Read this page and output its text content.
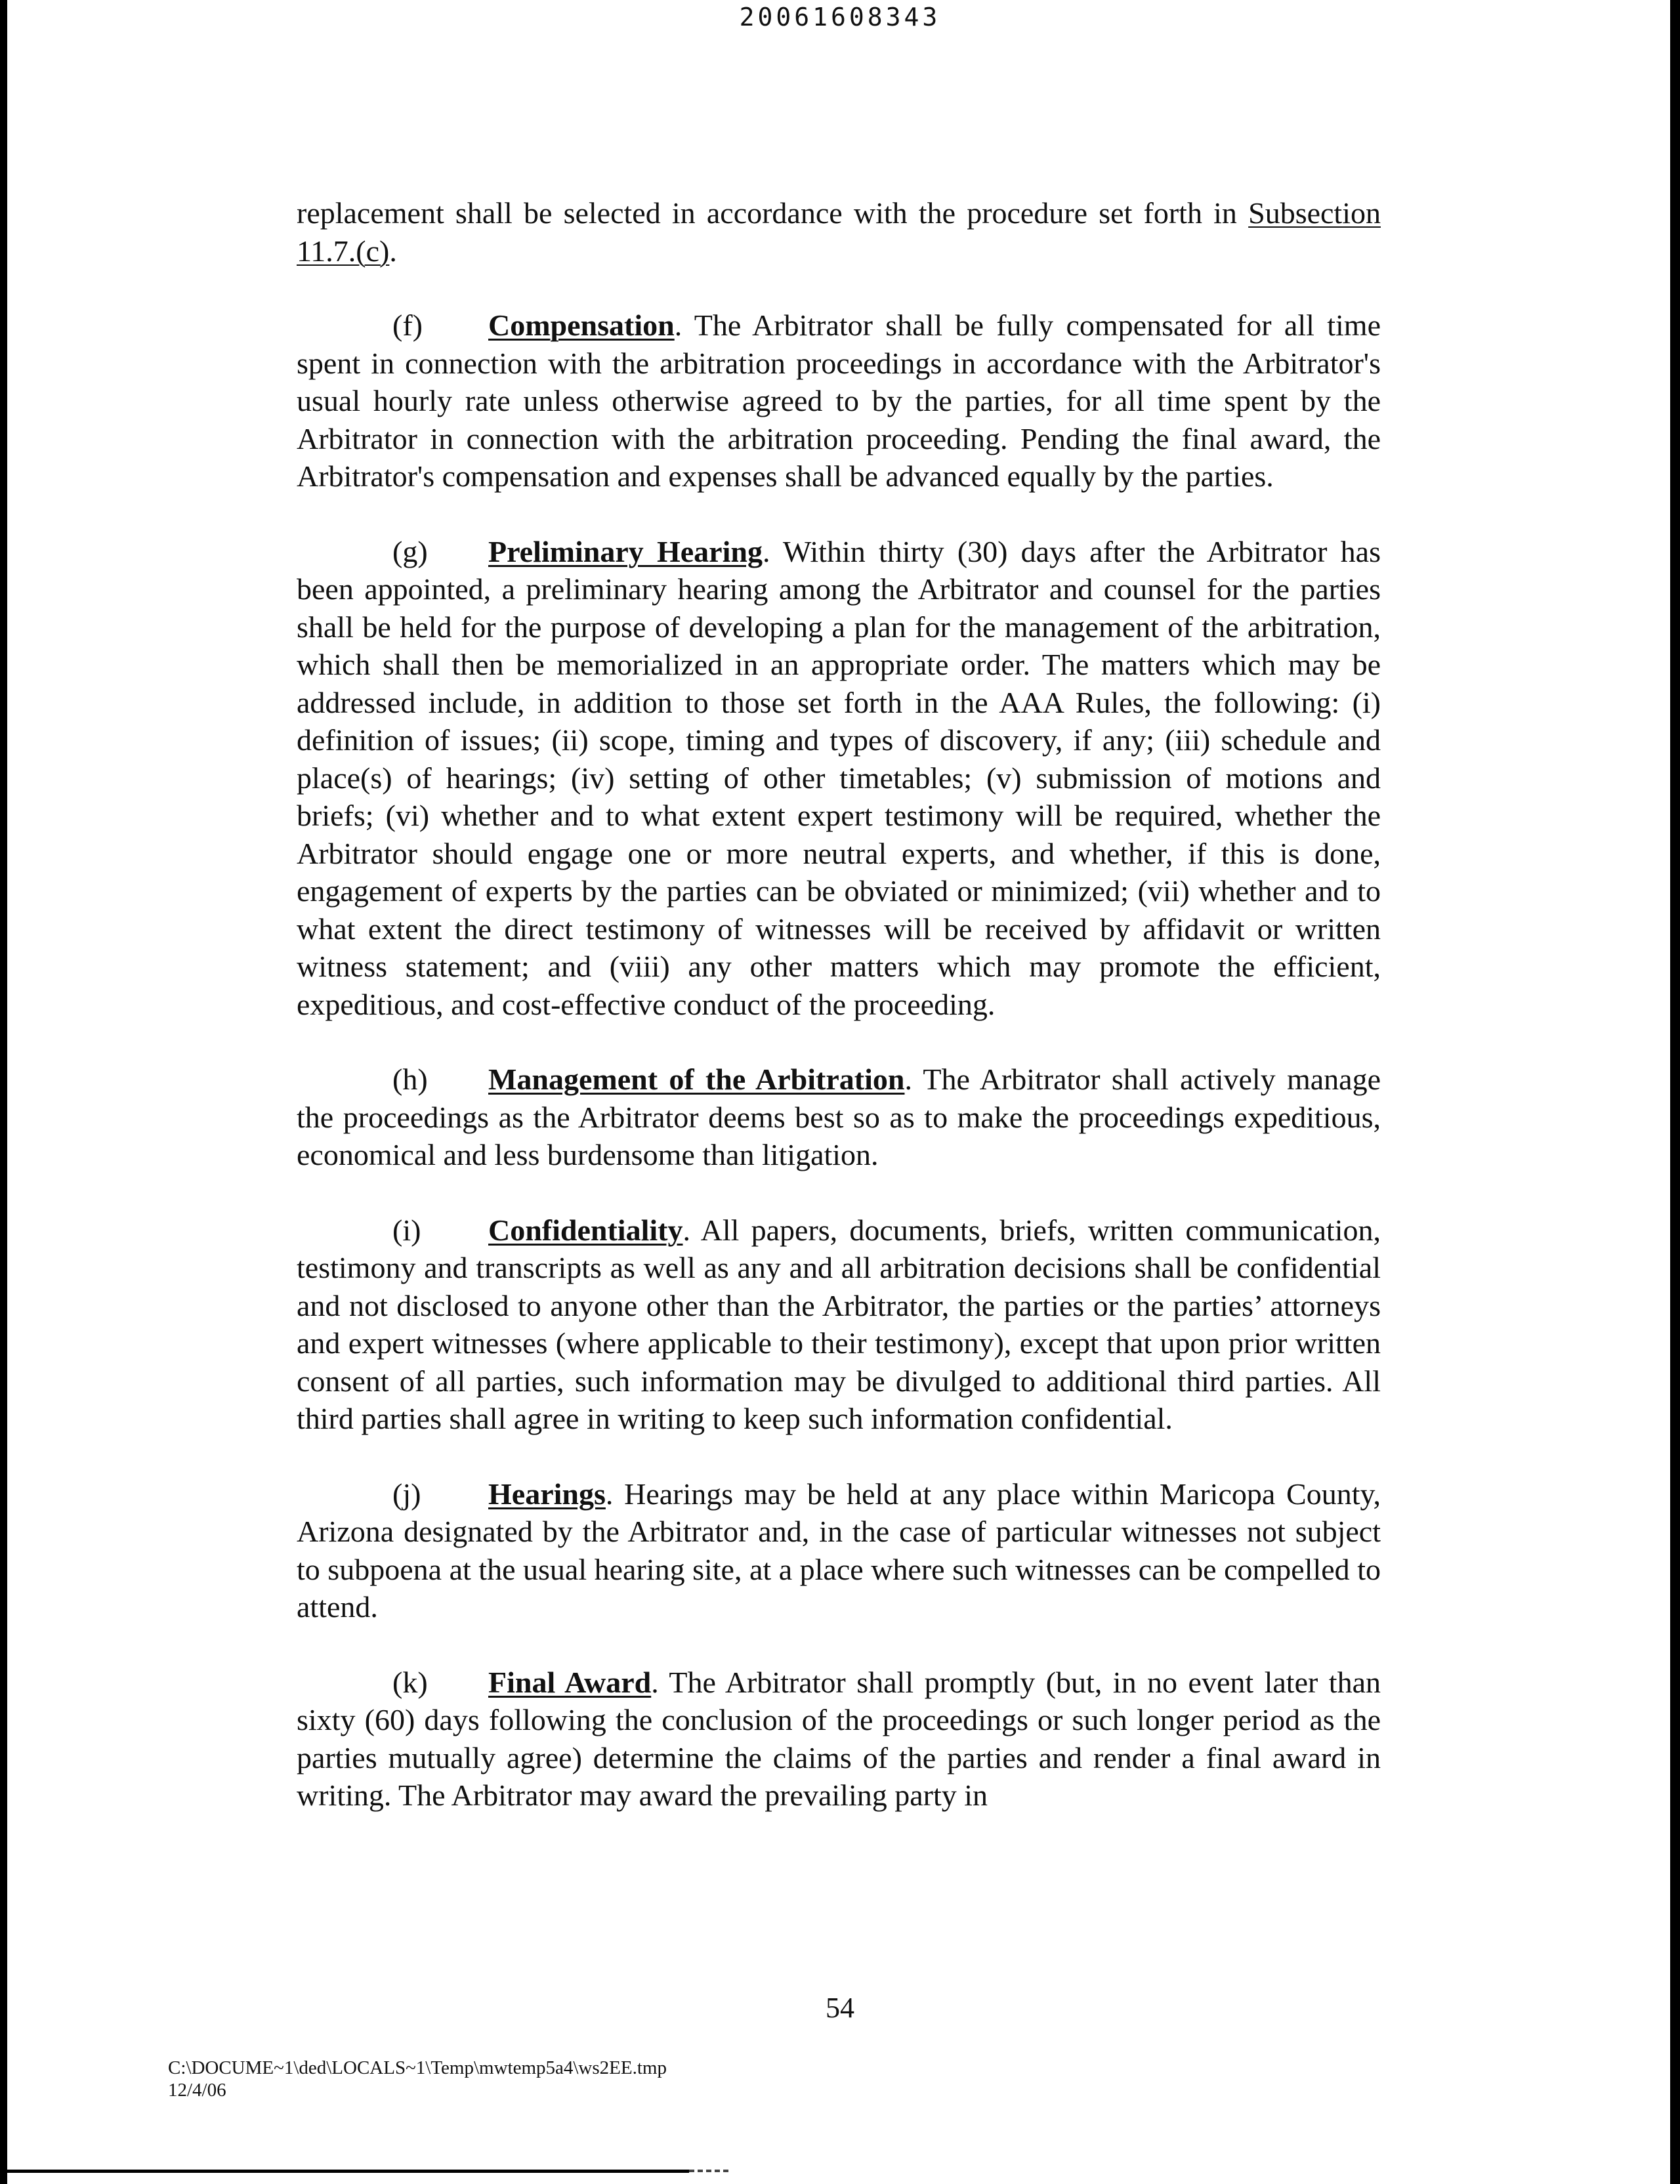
20061608343

replacement shall be selected in accordance with the procedure set forth in Subsection 11.7.(c).

(f) Compensation. The Arbitrator shall be fully compensated for all time spent in connection with the arbitration proceedings in accordance with the Arbitrator's usual hourly rate unless otherwise agreed to by the parties, for all time spent by the Arbitrator in connection with the arbitration proceeding. Pending the final award, the Arbitrator's compensation and expenses shall be advanced equally by the parties.

(g) Preliminary Hearing. Within thirty (30) days after the Arbitrator has been appointed, a preliminary hearing among the Arbitrator and counsel for the parties shall be held for the purpose of developing a plan for the management of the arbitration, which shall then be memorialized in an appropriate order. The matters which may be addressed include, in addition to those set forth in the AAA Rules, the following: (i) definition of issues; (ii) scope, timing and types of discovery, if any; (iii) schedule and place(s) of hearings; (iv) setting of other timetables; (v) submission of motions and briefs; (vi) whether and to what extent expert testimony will be required, whether the Arbitrator should engage one or more neutral experts, and whether, if this is done, engagement of experts by the parties can be obviated or minimized; (vii) whether and to what extent the direct testimony of witnesses will be received by affidavit or written witness statement; and (viii) any other matters which may promote the efficient, expeditious, and cost-effective conduct of the proceeding.

(h) Management of the Arbitration. The Arbitrator shall actively manage the proceedings as the Arbitrator deems best so as to make the proceedings expeditious, economical and less burdensome than litigation.

(i) Confidentiality. All papers, documents, briefs, written communication, testimony and transcripts as well as any and all arbitration decisions shall be confidential and not disclosed to anyone other than the Arbitrator, the parties or the parties’ attorneys and expert witnesses (where applicable to their testimony), except that upon prior written consent of all parties, such information may be divulged to additional third parties. All third parties shall agree in writing to keep such information confidential.

(j) Hearings. Hearings may be held at any place within Maricopa County, Arizona designated by the Arbitrator and, in the case of particular witnesses not subject to subpoena at the usual hearing site, at a place where such witnesses can be compelled to attend.

(k) Final Award. The Arbitrator shall promptly (but, in no event later than sixty (60) days following the conclusion of the proceedings or such longer period as the parties mutually agree) determine the claims of the parties and render a final award in writing. The Arbitrator may award the prevailing party in

54
C:\DOCUME~1\ded\LOCALS~1\Temp\mwtemp5a4\ws2EE.tmp
12/4/06
